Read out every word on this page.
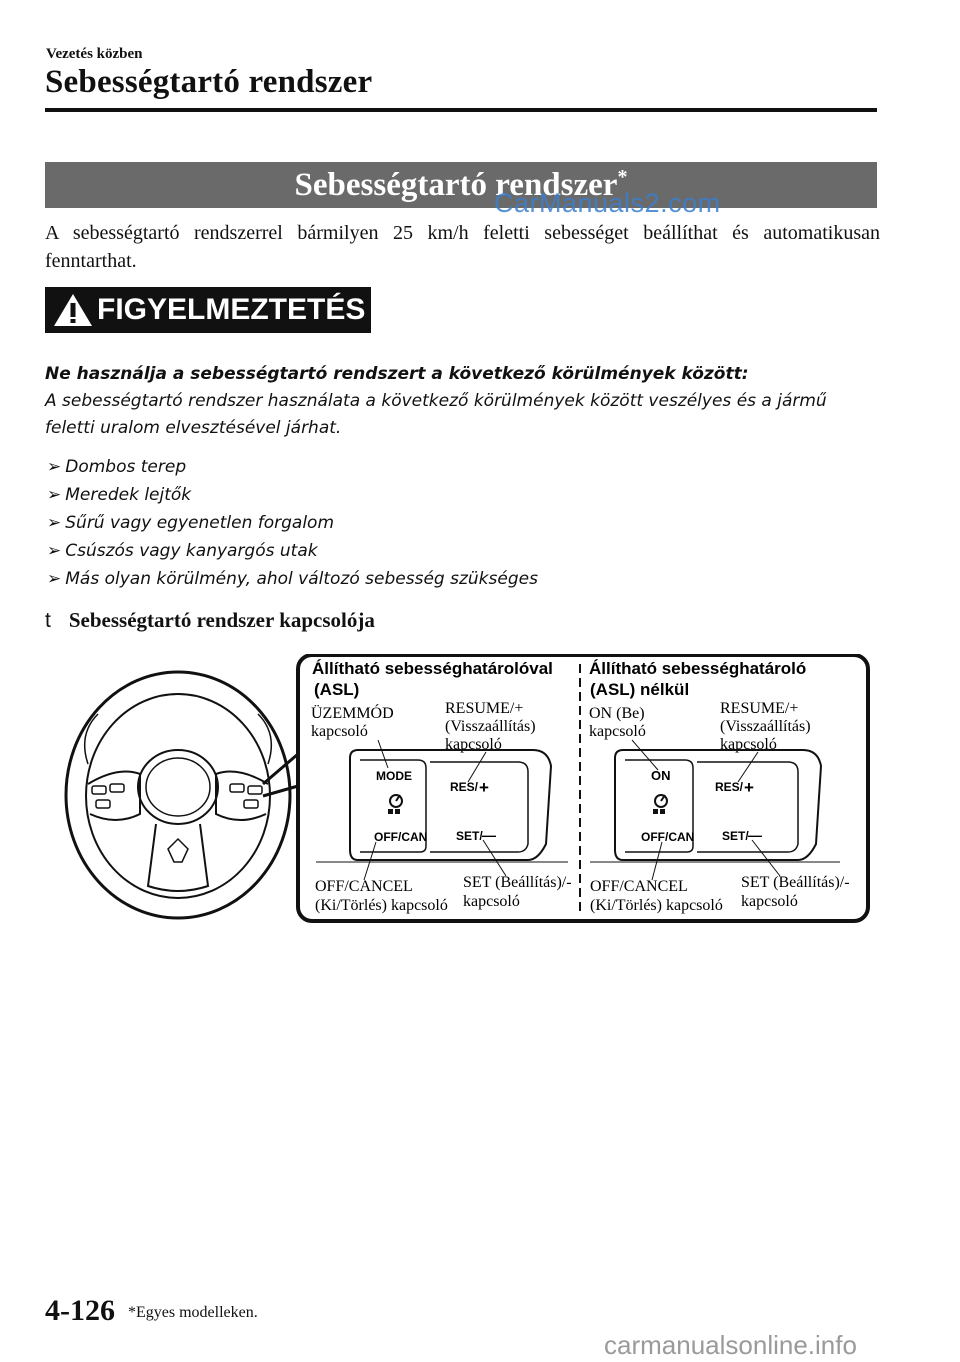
Vezetés közben
Sebességtartó rendszer
Sebességtartó rendszer*
CarManuals2.com
A sebességtartó rendszerrel bármilyen 25 km/h feletti sebességet beállíthat és automatikusan fenntarthat.
FIGYELMEZTETÉS
Ne használja a sebességtartó rendszert a következő körülmények között:
A sebességtartó rendszer használata a következő körülmények között veszélyes és a jármű feletti uralom elvesztésével járhat.
➢ Dombos terep
➢ Meredek lejtők
➢ Sűrű vagy egyenetlen forgalom
➢ Csúszós vagy kanyargós utak
➢ Más olyan körülmény, ahol változó sebesség szükséges
t Sebességtartó rendszer kapcsolója
Állítható sebességhatárolóval
(ASL)
ÜZEMMÓD
kapcsoló
RESUME/+
(Visszaállítás)
kapcsoló
MODE
OFF/CAN
RES/ +
SET/ —
OFF/CANCEL
(Ki/Törlés) kapcsoló
SET (Beállítás)/-
kapcsoló
Állítható sebességhatároló
(ASL) nélkül
ON (Be)
kapcsoló
RESUME/+
(Visszaállítás)
kapcsoló
ON
OFF/CAN
RES/ +
SET/ —
OFF/CANCEL
(Ki/Törlés) kapcsoló
SET (Beállítás)/-
kapcsoló
4-126 *Egyes modelleken.
carmanualsonline.info
